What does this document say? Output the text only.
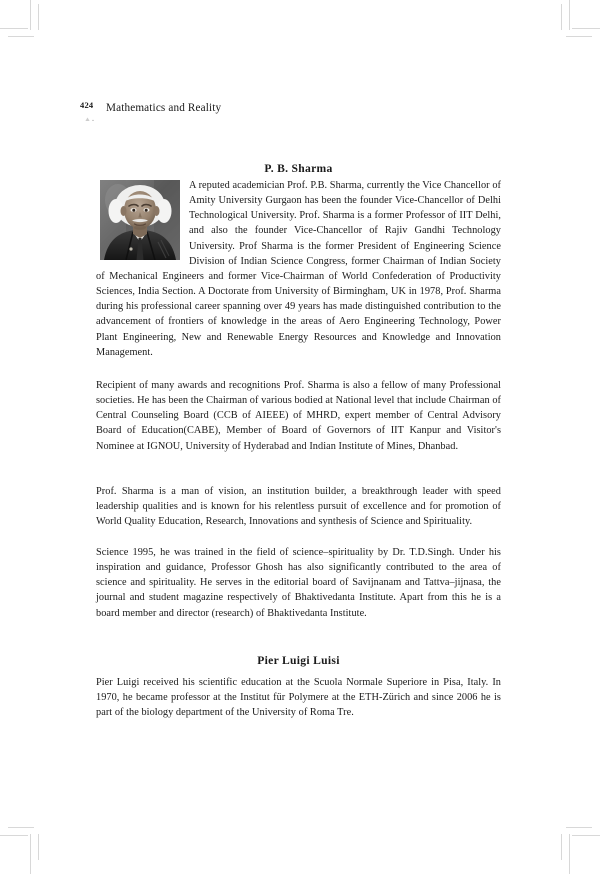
424 Mathematics and Reality
P. B. Sharma

A reputed academician Prof. P.B. Sharma, currently the Vice Chancellor of Amity University Gurgaon has been the founder Vice-Chancellor of Delhi Technological University. Prof. Sharma is a former Professor of IIT Delhi, and also the founder Vice-Chancellor of Rajiv Gandhi Technology University. Prof Sharma is the former President of Engineering Science Division of Indian Science Congress, former Chairman of Indian Society of Mechanical Engineers and former Vice-Chairman of World Confederation of Productivity Sciences, India Section. A Doctorate from University of Birmingham, UK in 1978, Prof. Sharma during his professional career spanning over 49 years has made distinguished contribution to the advancement of frontiers of knowledge in the areas of Aero Engineering Technology, Power Plant Engineering, New and Renewable Energy Resources and Knowledge and Innovation Management.

Recipient of many awards and recognitions Prof. Sharma is also a fellow of many Professional societies. He has been the Chairman of various bodied at National level that include Chairman of Central Counseling Board (CCB of AIEEE) of MHRD, expert member of Central Advisory Board of Education(CABE), Member of Board of Governors of IIT Kanpur and Visitor's Nominee at IGNOU, University of Hyderabad and Indian Institute of Mines, Dhanbad.

Prof. Sharma is a man of vision, an institution builder, a breakthrough leader with speed leadership qualities and is known for his relentless pursuit of excellence and for promotion of World Quality Education, Research, Innovations and synthesis of Science and Spirituality.

Science 1995, he was trained in the field of science–spirituality by Dr. T.D.Singh. Under his inspiration and guidance, Professor Ghosh has also significantly contributed to the area of science and spirituality. He serves in the editorial board of Savijnanam and Tattva–jijnasa, the journal and student magazine respectively of Bhaktivedanta Institute. Apart from this he is a board member and director (research) of Bhaktivedanta Institute.

Pier Luigi Luisi

Pier Luigi received his scientific education at the Scuola Normale Superiore in Pisa, Italy. In 1970, he became professor at the Institut für Polymere at the ETH-Zürich and since 2006 he is part of the biology department of the University of Roma Tre.
